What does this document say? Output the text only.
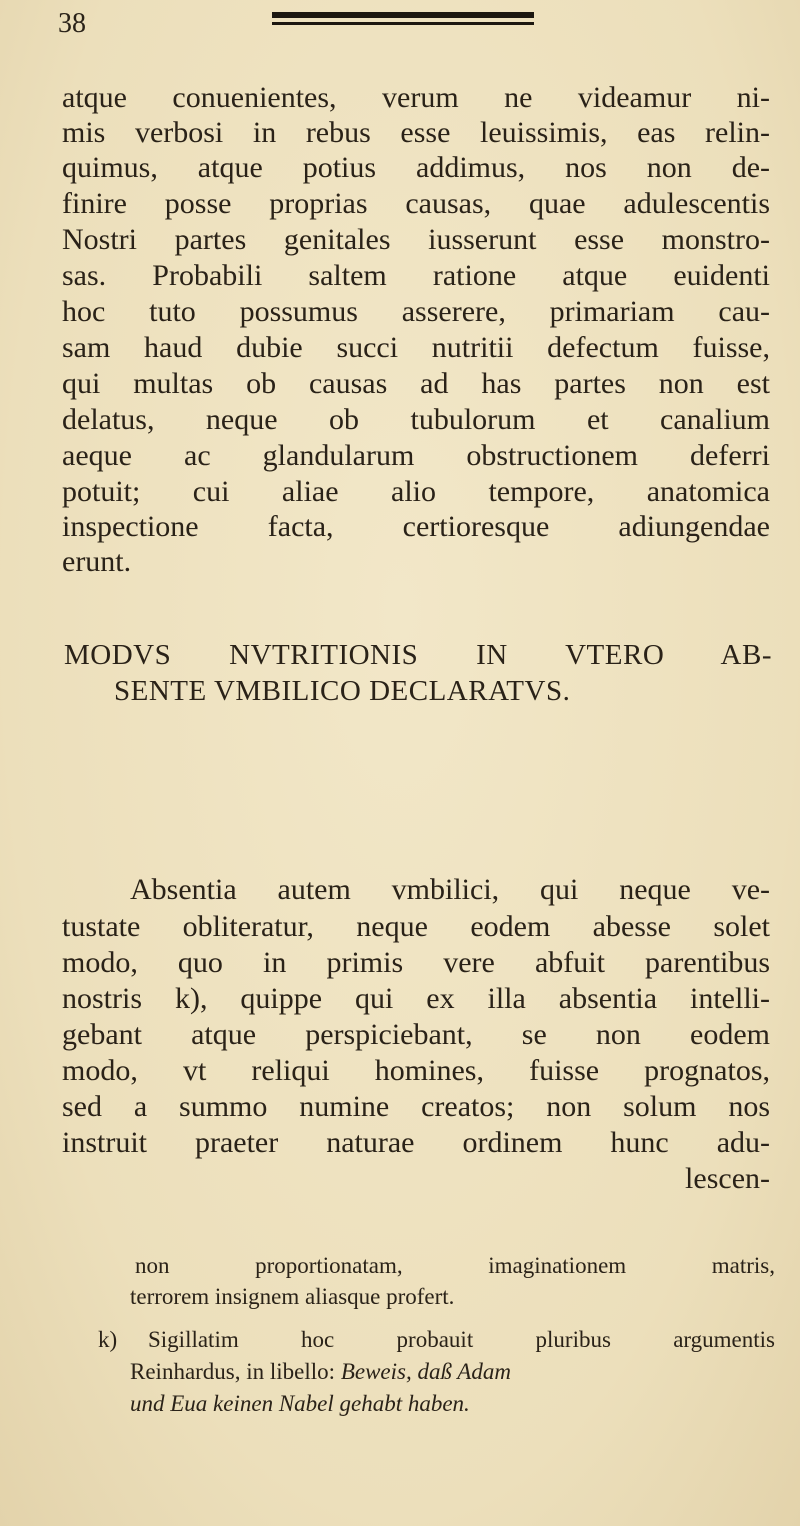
38
atque conuenientes, verum ne videamur ni-
mis verbosi in rebus esse leuissimis, eas relin-
quimus, atque potius addimus, nos non de-
finire posse proprias causas, quae adulescentis
Nostri partes genitales iusserunt esse monstro-
sas. Probabili saltem ratione atque euidenti
hoc tuto possumus asserere, primariam cau-
sam haud dubie succi nutritii defectum fuisse,
qui multas ob causas ad has partes non est
delatus, neque ob tubulorum et canalium
aeque ac glandularum obstructionem deferri
potuit; cui aliae alio tempore, anatomica
inspectione facta, certioresque adiungendae
erunt.
MODVS NVTRITIONIS IN VTERO AB-
SENTE VMBILICO DECLARATVS.
Absentia autem vmbilici, qui neque ve-
tustate obliteratur, neque eodem abesse solet
modo, quo in primis vere abfuit parentibus
nostris k), quippe qui ex illa absentia intelli-
gebant atque perspiciebant, se non eodem
modo, vt reliqui homines, fuisse prognatos,
sed a summo numine creatos; non solum nos
instruit praeter naturae ordinem hunc adu-
lescen-
non proportionatam, imaginationem matris,
terrorem insignem aliasque profert.
k) Sigillatim hoc probauit pluribus argumentis
Reinhardus, in libello: Beweis, daß Adam
und Eua keinen Nabel gehabt haben.
